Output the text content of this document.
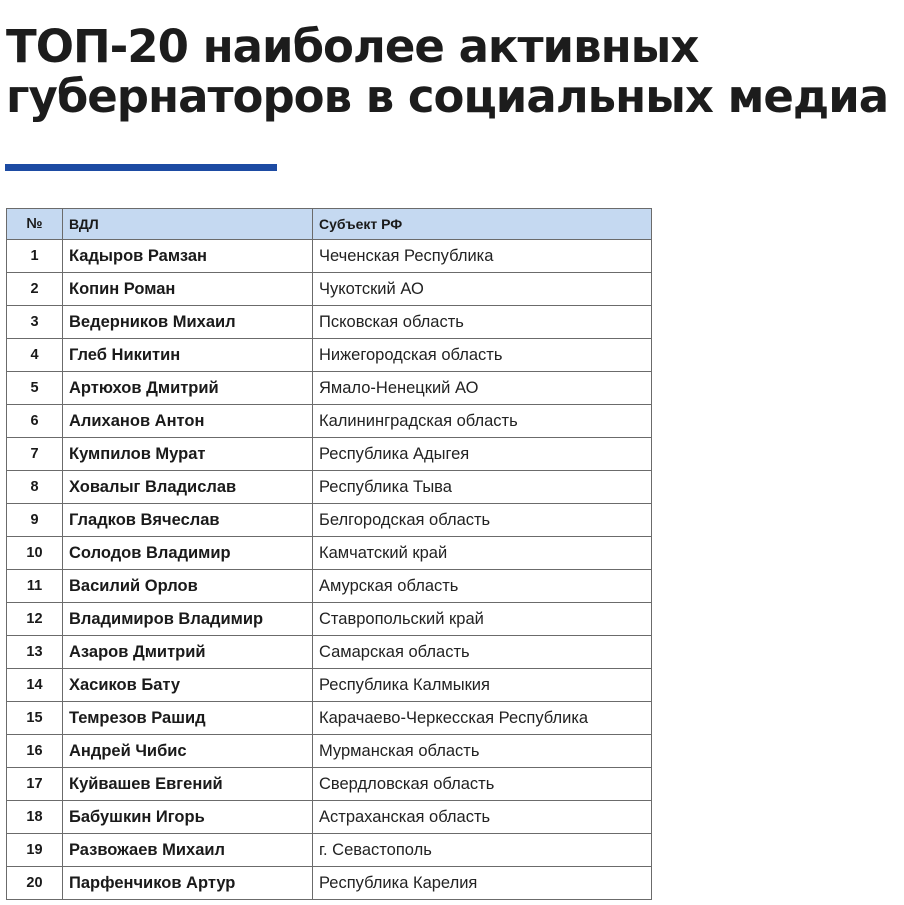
ТОП-20 наиболее активных
губернаторов в социальных медиа
№	ВДЛ	Субъект РФ
1	Кадыров Рамзан	Чеченская Республика
2	Копин Роман	Чукотский АО
3	Ведерников Михаил	Псковская область
4	Глеб Никитин	Нижегородская область
5	Артюхов Дмитрий	Ямало-Ненецкий АО
6	Алиханов Антон	Калининградская область
7	Кумпилов Мурат	Республика Адыгея
8	Ховалыг Владислав	Республика Тыва
9	Гладков Вячеслав	Белгородская область
10	Солодов Владимир	Камчатский край
11	Василий Орлов	Амурская область
12	Владимиров Владимир	Ставропольский край
13	Азаров Дмитрий	Самарская область
14	Хасиков Бату	Республика Калмыкия
15	Темрезов Рашид	Карачаево-Черкесская Республика
16	Андрей Чибис	Мурманская область
17	Куйвашев Евгений	Свердловская область
18	Бабушкин Игорь	Астраханская область
19	Развожаев Михаил	г. Севастополь
20	Парфенчиков Артур	Республика Карелия
